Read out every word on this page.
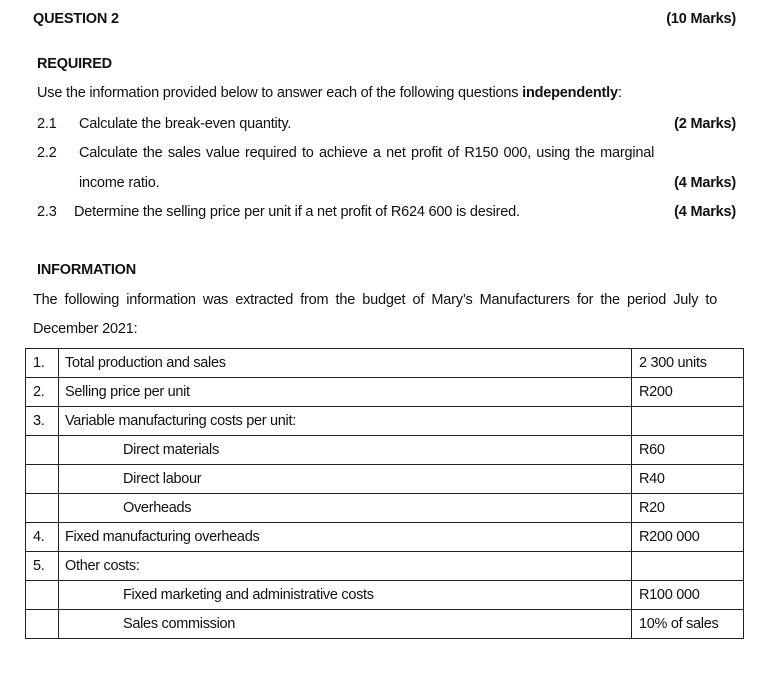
QUESTION 2	(10 Marks)
REQUIRED
Use the information provided below to answer each of the following questions independently:
2.1 Calculate the break-even quantity.	(2 Marks)
2.2 Calculate the sales value required to achieve a net profit of R150 000, using the marginal
income ratio.	(4 Marks)
2.3 Determine the selling price per unit if a net profit of R624 600 is desired.	(4 Marks)
INFORMATION
The following information was extracted from the budget of Mary’s Manufacturers for the period July to
December 2021:
1.	Total production and sales	2 300 units
2.	Selling price per unit	R200
3.	Variable manufacturing costs per unit:	
	Direct materials	R60
	Direct labour	R40
	Overheads	R20
4.	Fixed manufacturing overheads	R200 000
5.	Other costs:	
	Fixed marketing and administrative costs	R100 000
	Sales commission	10% of sales
